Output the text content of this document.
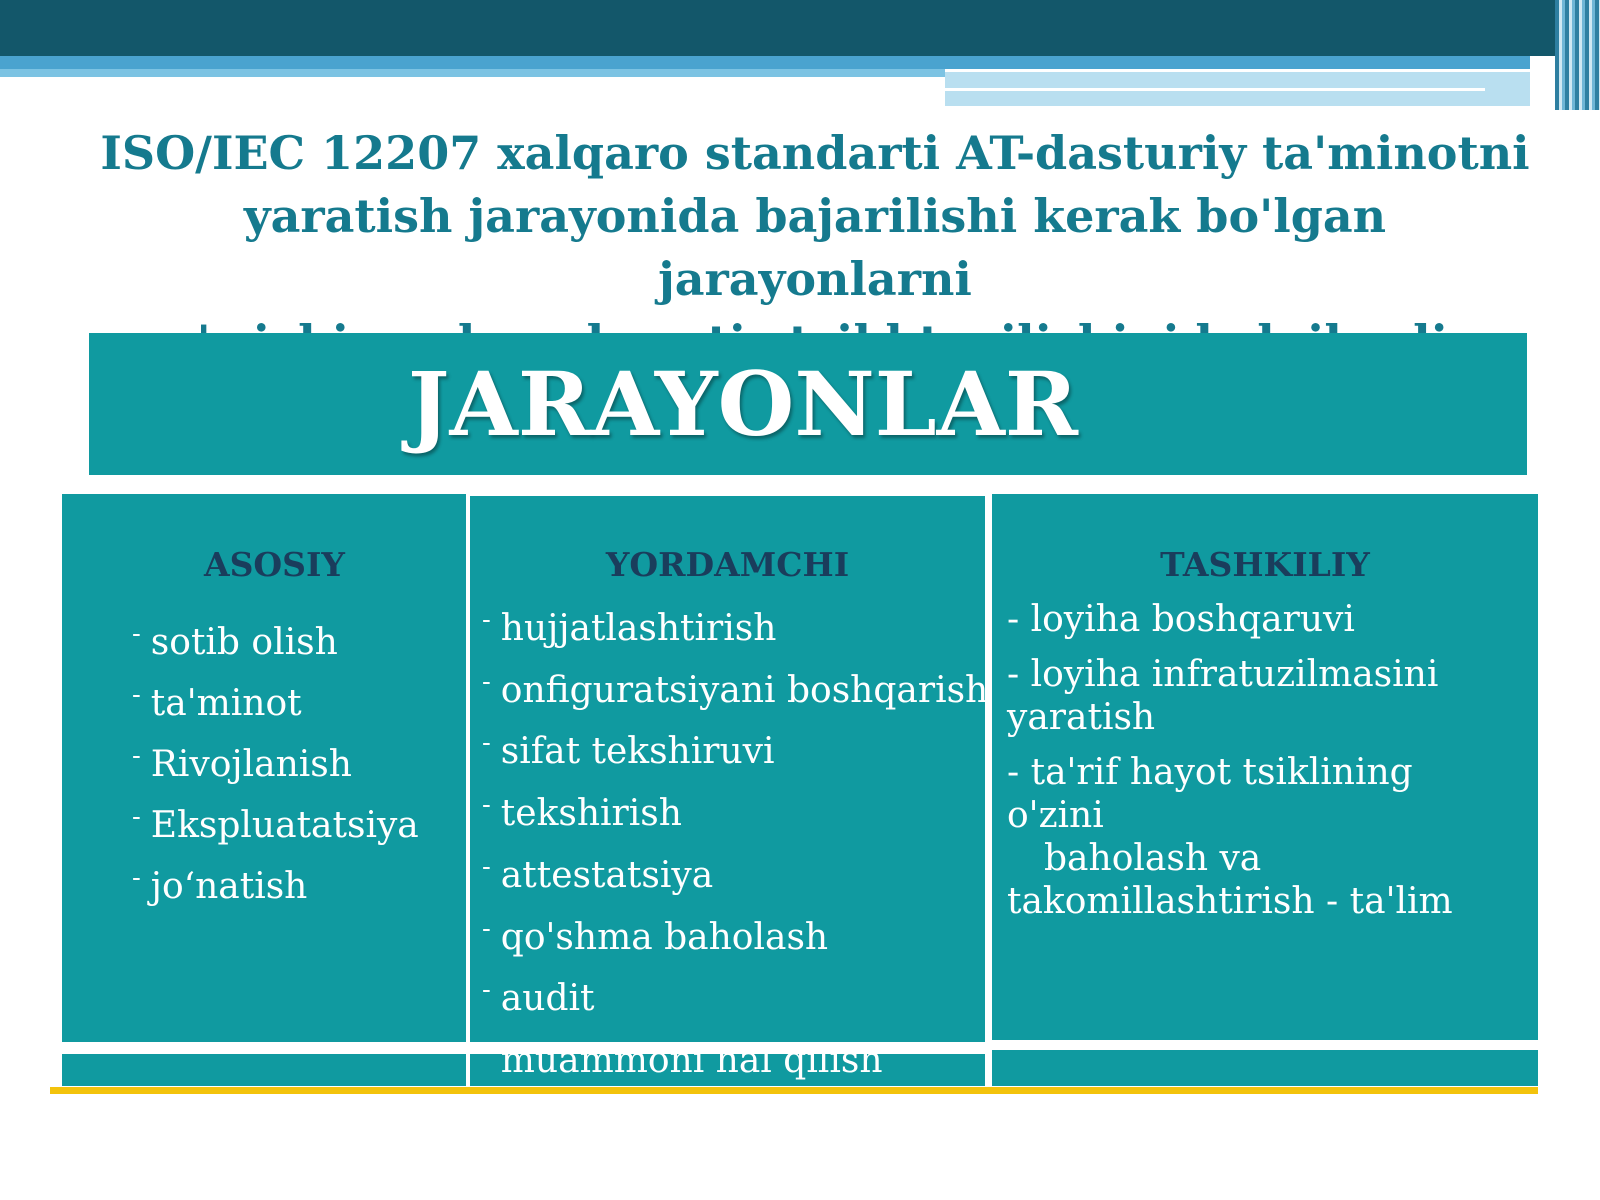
ISO/IEC 12207 xalqaro standarti AT-dasturiy ta'minotni
yaratish jarayonida bajarilishi kerak bo'lgan jarayonlarni

JARAYONLAR
ASOSIY	YORDAMCHI	TASHKILIY
- sotib olish
- ta'minot
- Rivojlanish
- Ekspluatatsiya
- jo‘natish
- hujjatlashtirish
- onfiguratsiyani boshqarish
- sifat tekshiruvi
- tekshirish
- attestatsiya
- qo'shma baholash
- audit
- muammoni hal qilish
- loyiha boshqaruvi
- loyiha infratuzilmasini
yaratish
- ta'rif hayot tsiklining o'zini
baholash va
takomillashtirish - ta'lim
